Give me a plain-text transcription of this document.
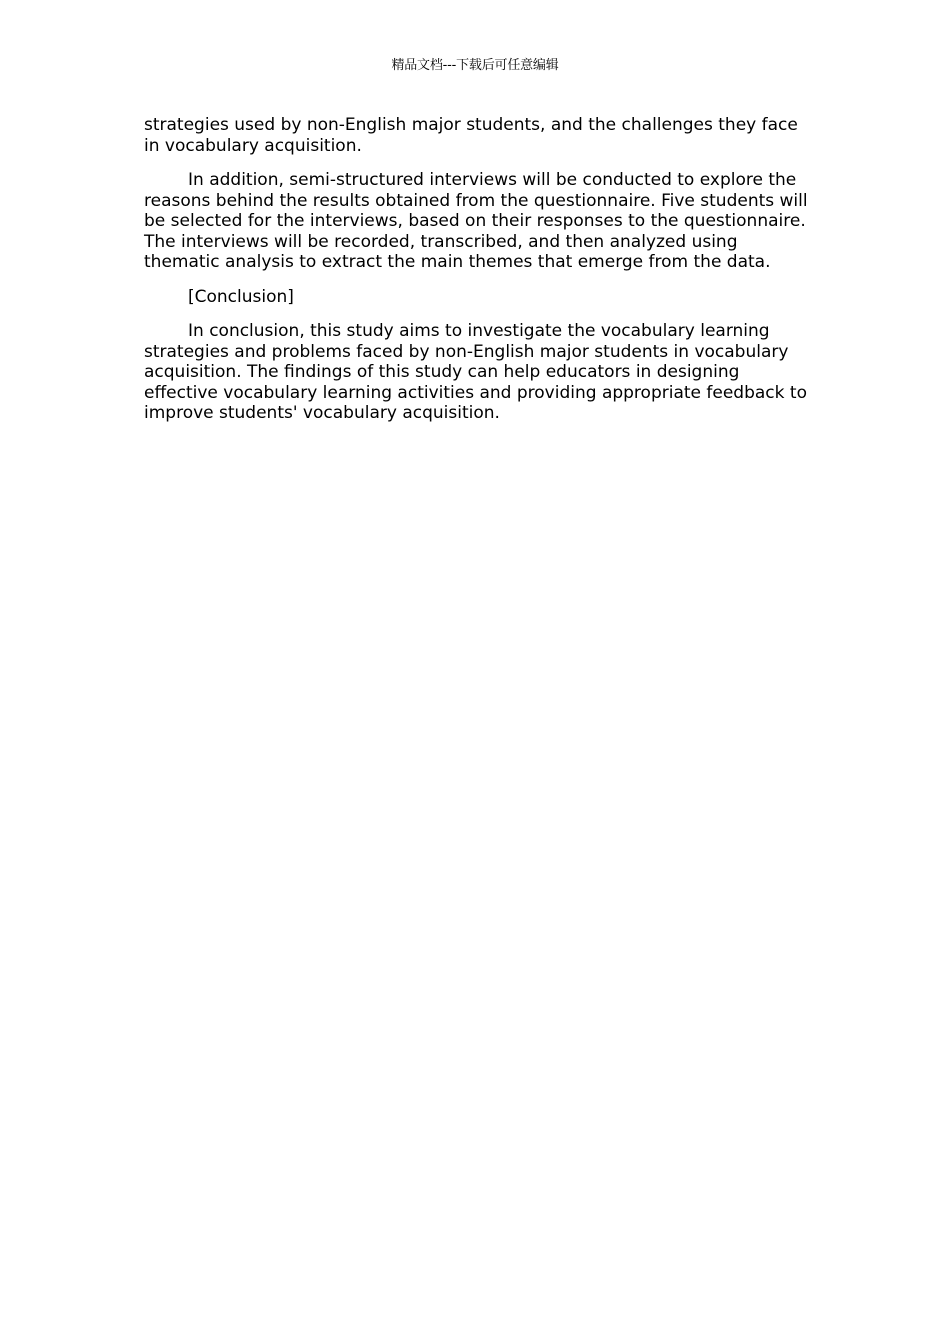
精品文档---下载后可任意编辑

strategies used by non-English major students, and the challenges they face in vocabulary acquisition.

In addition, semi-structured interviews will be conducted to explore the reasons behind the results obtained from the questionnaire. Five students will be selected for the interviews, based on their responses to the questionnaire. The interviews will be recorded, transcribed, and then analyzed using thematic analysis to extract the main themes that emerge from the data.

[Conclusion]

In conclusion, this study aims to investigate the vocabulary learning strategies and problems faced by non-English major students in vocabulary acquisition. The findings of this study can help educators in designing effective vocabulary learning activities and providing appropriate feedback to improve students' vocabulary acquisition.
